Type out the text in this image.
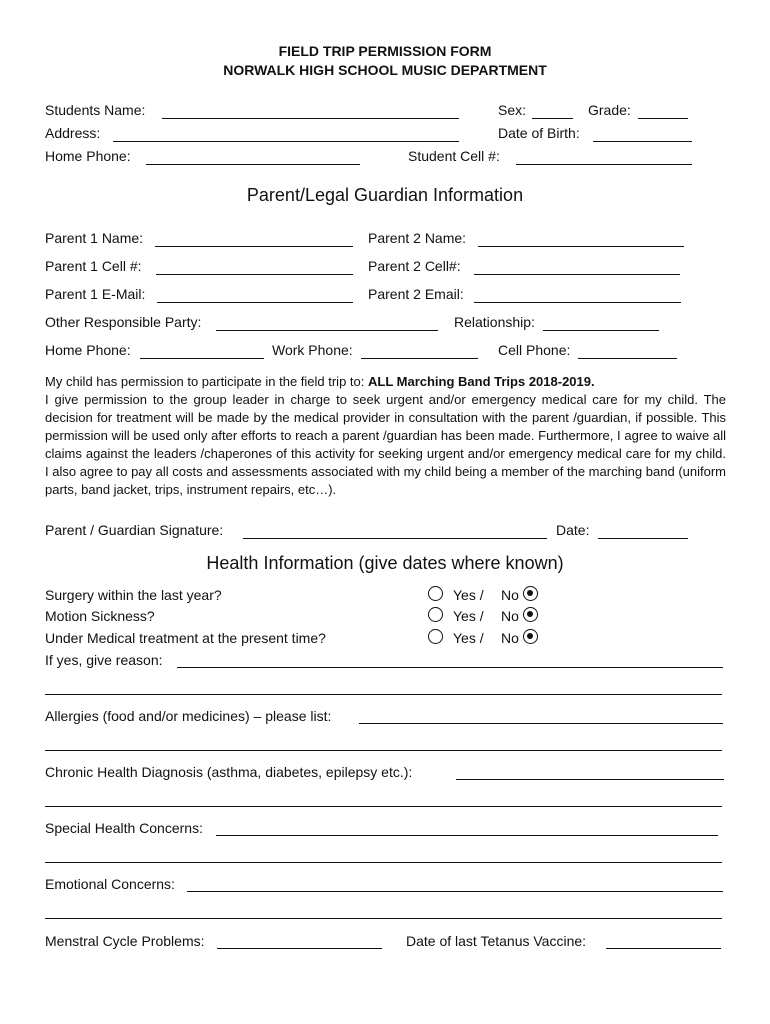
FIELD TRIP PERMISSION FORM
NORWALK HIGH SCHOOL MUSIC DEPARTMENT
Students Name:	Sex:	Grade:
Address:	Date of Birth:
Home Phone:	Student Cell #:
Parent/Legal Guardian Information
Parent 1 Name:	Parent 2 Name:
Parent 1 Cell #:	Parent 2 Cell#:
Parent 1 E-Mail:	Parent 2 Email:
Other Responsible Party:	Relationship:
Home Phone:	Work Phone:	Cell Phone:
My child has permission to participate in the field trip to: ALL Marching Band Trips 2018-2019.
I give permission to the group leader in charge to seek urgent and/or emergency medical care for my child. The decision for treatment will be made by the medical provider in consultation with the parent /guardian, if possible. This permission will be used only after efforts to reach a parent /guardian has been made. Furthermore, I agree to waive all claims against the leaders /chaperones of this activity for seeking urgent and/or emergency medical care for my child. I also agree to pay all costs and assessments associated with my child being a member of the marching band (uniform parts, band jacket, trips, instrument repairs, etc…).
Parent / Guardian Signature:	Date:
Health Information (give dates where known)
Surgery within the last year?	Yes / No
Motion Sickness?	Yes / No
Under Medical treatment at the present time?	Yes / No
If yes, give reason:
Allergies (food and/or medicines) – please list:
Chronic Health Diagnosis (asthma, diabetes, epilepsy etc.):
Special Health Concerns:
Emotional Concerns:
Menstral Cycle Problems:	Date of last Tetanus Vaccine:
